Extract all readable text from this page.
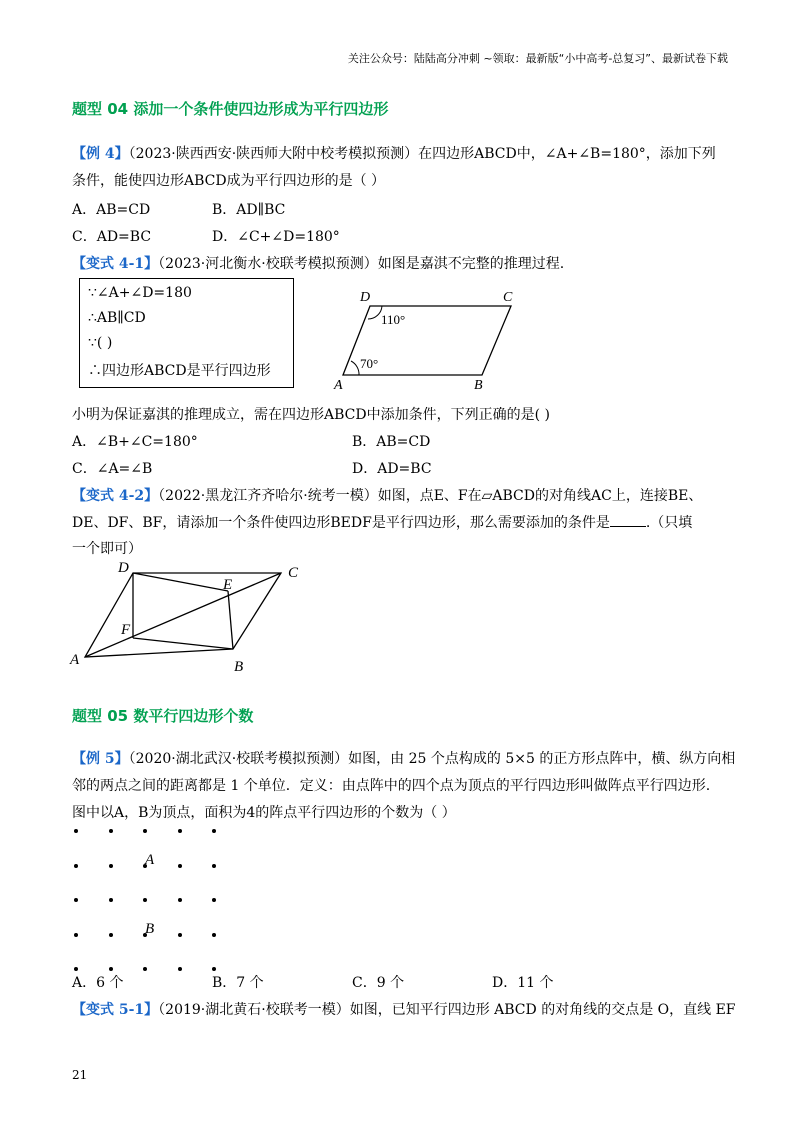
关注公众号：陆陆高分冲刺 ~领取：最新版“小中高考-总复习”、最新试卷下载
题型 04 添加一个条件使四边形成为平行四边形
【例 4】（2023·陕西西安·陕西师大附中校考模拟预测）在四边形ABCD中，∠A+∠B=180°，添加下列
条件，能使四边形ABCD成为平行四边形的是（ ）
A．AB=CD	B．AD∥BC
C．AD=BC	D．∠C+∠D=180°
【变式 4-1】（2023·河北衡水·校联考模拟预测）如图是嘉淇不完整的推理过程.
∵∠A+∠D=180
∴AB∥CD
∵( )
∴四边形ABCD是平行四边形
D	C
A	B
110°
70°
小明为保证嘉淇的推理成立，需在四边形ABCD中添加条件，下列正确的是( )
A．∠B+∠C=180°	B．AB=CD
C．∠A=∠B	D．AD=BC
【变式 4-2】（2022·黑龙江齐齐哈尔·统考一模）如图，点E、F在▱ABCD的对角线AC上，连接BE、
DE、DF、BF，请添加一个条件使四边形BEDF是平行四边形，那么需要添加的条件是	.（只填
一个即可）
D	C
E
F
A	B
题型 05 数平行四边形个数
【例 5】（2020·湖北武汉·校联考模拟预测）如图，由 25 个点构成的 5×5 的正方形点阵中，横、纵方向相
邻的两点之间的距离都是 1 个单位．定义：由点阵中的四个点为顶点的平行四边形叫做阵点平行四边形.
图中以A，B为顶点，面积为4的阵点平行四边形的个数为（ ）
A
B
A．6 个	B．7 个	C．9 个	D．11 个
【变式 5-1】（2019·湖北黄石·校联考一模）如图，已知平行四边形 ABCD 的对角线的交点是 O，直线 EF
21
